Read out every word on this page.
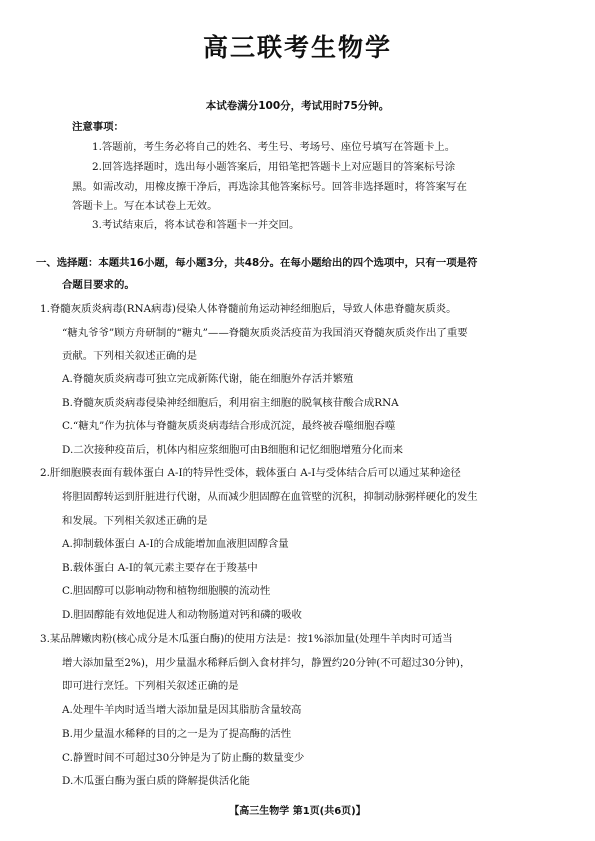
高三联考生物学
本试卷满分100分，考试用时75分钟。
注意事项：
1.答题前，考生务必将自己的姓名、考生号、考场号、座位号填写在答题卡上。
2.回答选择题时，选出每小题答案后，用铅笔把答题卡上对应题目的答案标号涂
黑。如需改动，用橡皮擦干净后，再选涂其他答案标号。回答非选择题时，将答案写在
答题卡上。写在本试卷上无效。
3.考试结束后，将本试卷和答题卡一并交回。
一、选择题：本题共16小题，每小题3分，共48分。在每小题给出的四个选项中，只有一项是符
合题目要求的。
1.脊髓灰质炎病毒(RNA病毒)侵染人体脊髓前角运动神经细胞后，导致人体患脊髓灰质炎。
“糖丸爷爷”顾方舟研制的“糖丸”——脊髓灰质炎活疫苗为我国消灭脊髓灰质炎作出了重要
贡献。下列相关叙述正确的是
A.脊髓灰质炎病毒可独立完成新陈代谢，能在细胞外存活并繁殖
B.脊髓灰质炎病毒侵染神经细胞后，利用宿主细胞的脱氧核苷酸合成RNA
C.“糖丸”作为抗体与脊髓灰质炎病毒结合形成沉淀，最终被吞噬细胞吞噬
D.二次接种疫苗后，机体内相应浆细胞可由B细胞和记忆细胞增殖分化而来
2.肝细胞膜表面有载体蛋白 A-I的特异性受体，载体蛋白 A-I与受体结合后可以通过某种途径
将胆固醇转运到肝脏进行代谢，从而减少胆固醇在血管壁的沉积，抑制动脉粥样硬化的发生
和发展。下列相关叙述正确的是
A.抑制载体蛋白 A-I的合成能增加血液胆固醇含量
B.载体蛋白 A-I的氧元素主要存在于羧基中
C.胆固醇可以影响动物和植物细胞膜的流动性
D.胆固醇能有效地促进人和动物肠道对钙和磷的吸收
3.某品牌嫩肉粉(核心成分是木瓜蛋白酶)的使用方法是：按1%添加量(处理牛羊肉时可适当
增大添加量至2%)，用少量温水稀释后倒入食材拌匀，静置约20分钟(不可超过30分钟)，
即可进行烹饪。下列相关叙述正确的是
A.处理牛羊肉时适当增大添加量是因其脂肪含量较高
B.用少量温水稀释的目的之一是为了提高酶的活性
C.静置时间不可超过30分钟是为了防止酶的数量变少
D.木瓜蛋白酶为蛋白质的降解提供活化能
【高三生物学 第1页(共6页)】
